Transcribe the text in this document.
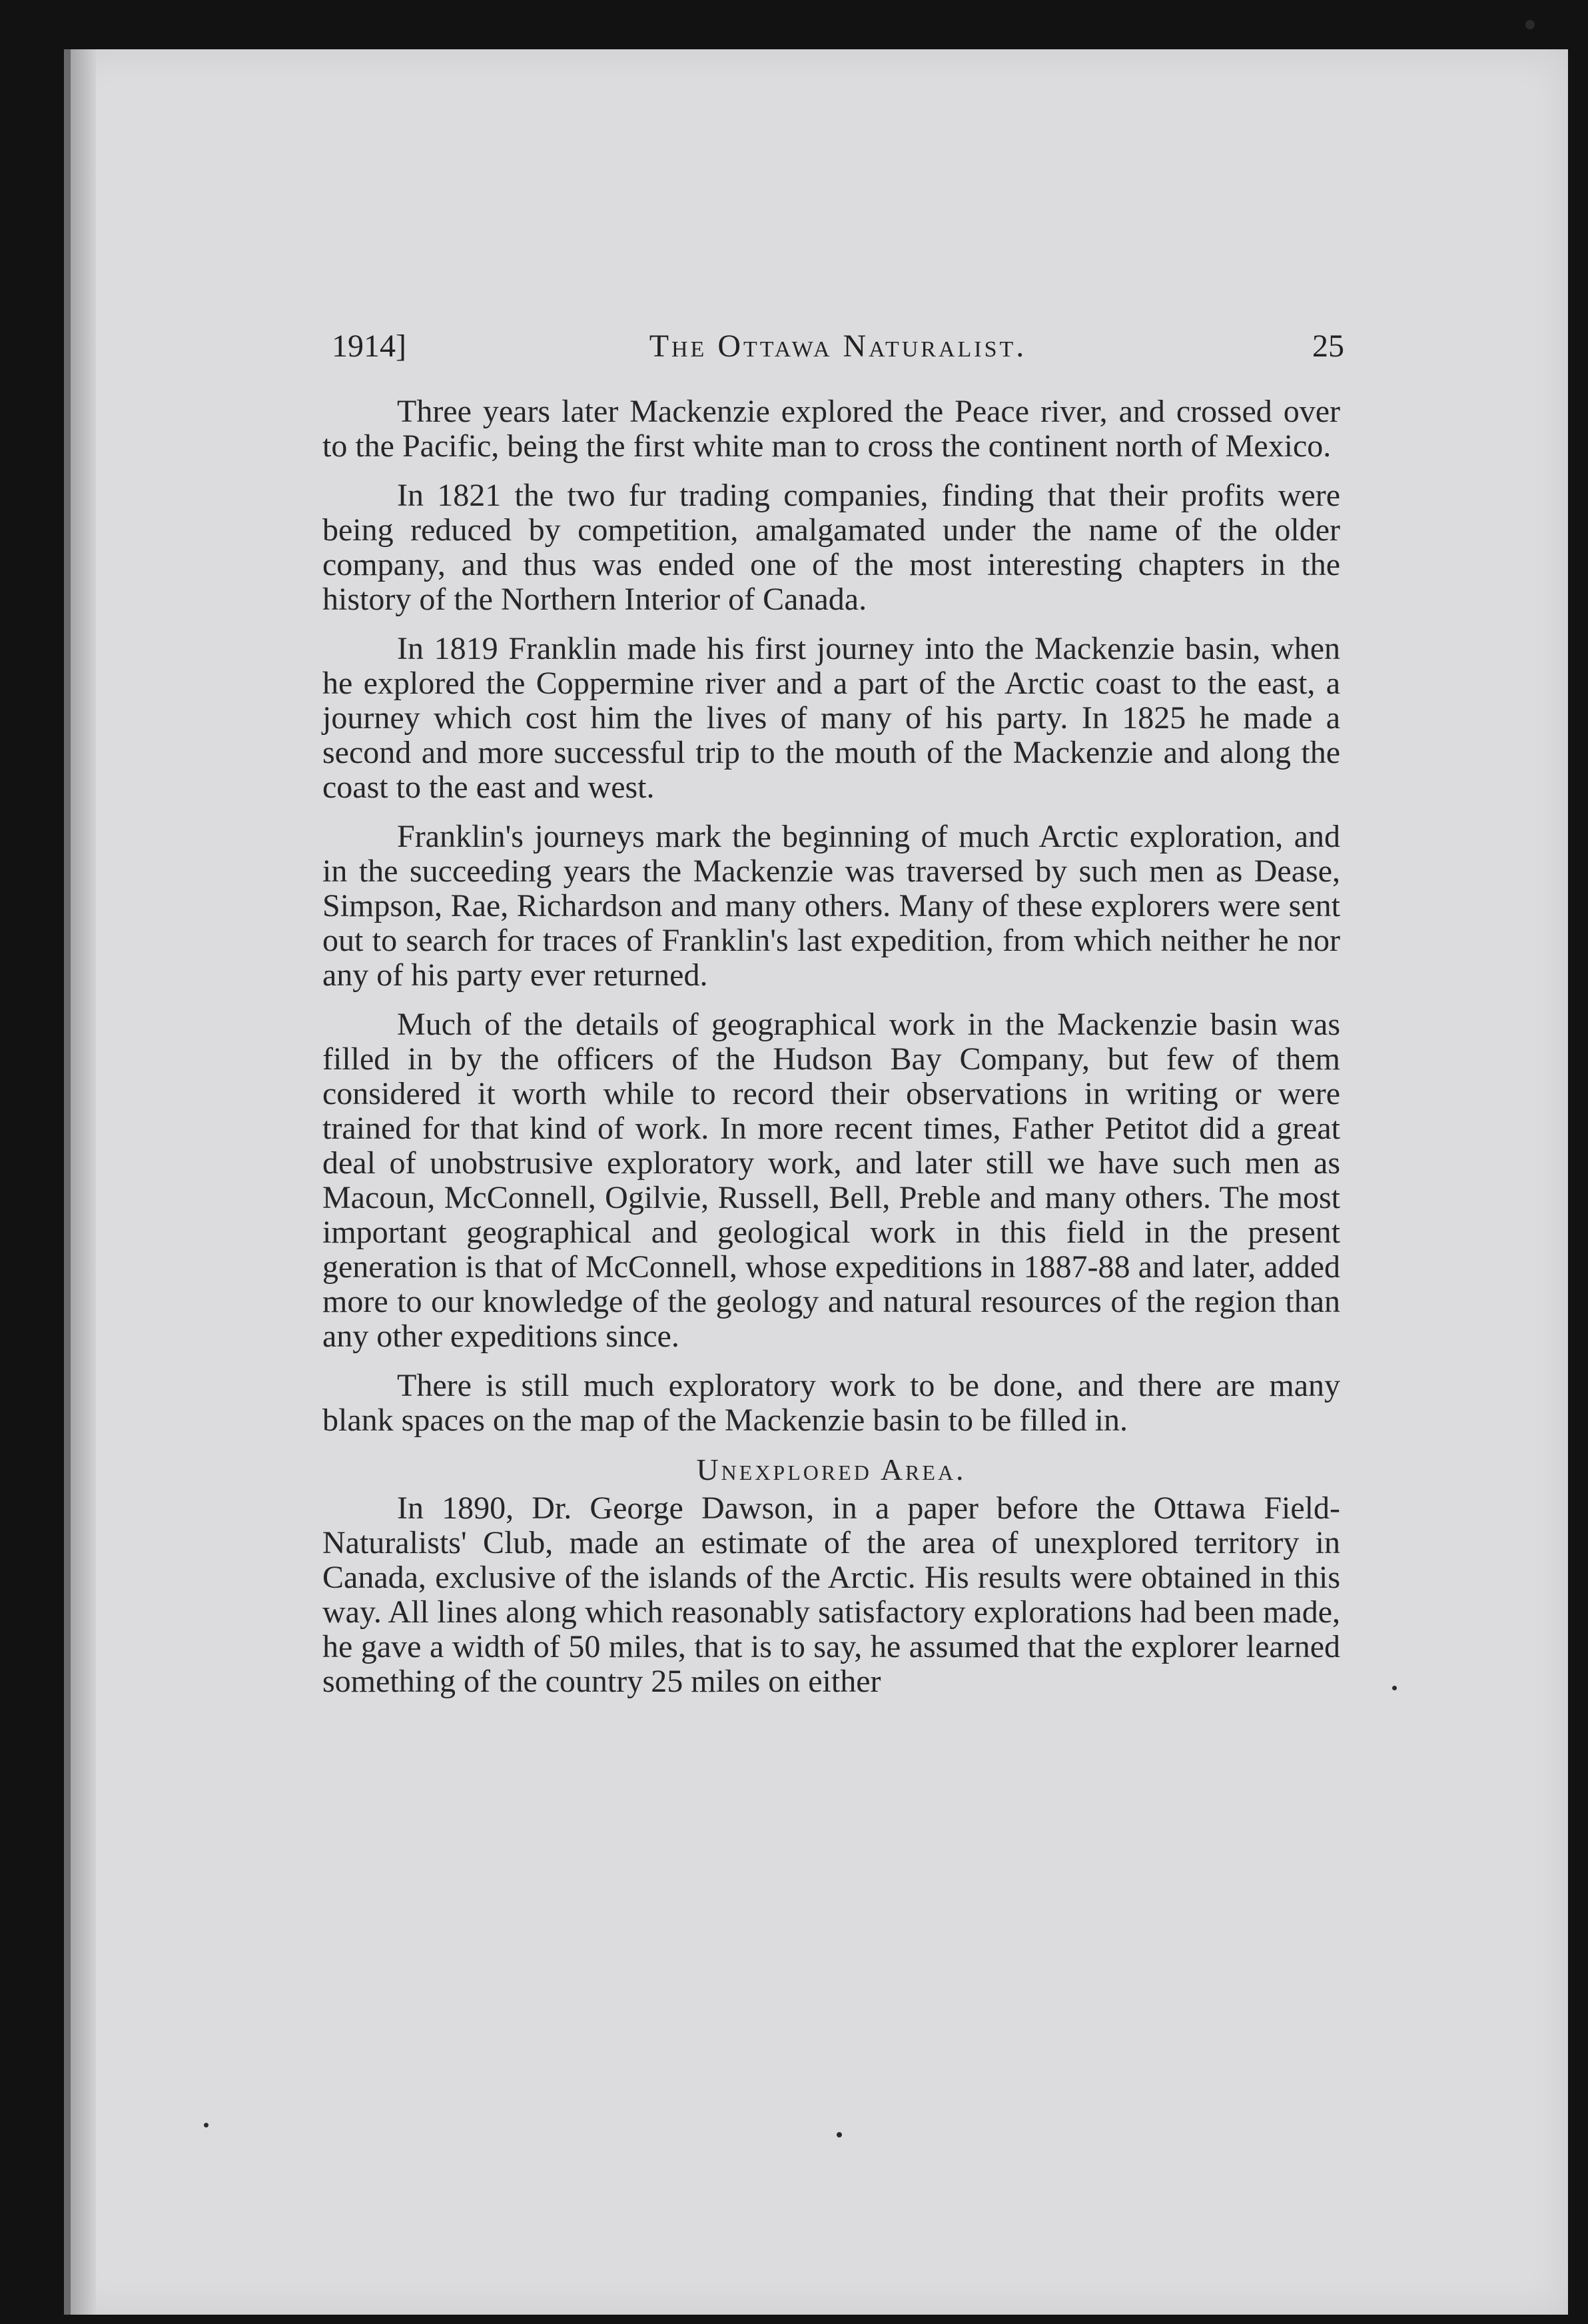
1914]	The Ottawa Naturalist.	25

Three years later Mackenzie explored the Peace river, and crossed over to the Pacific, being the first white man to cross the continent north of Mexico.

In 1821 the two fur trading companies, finding that their profits were being reduced by competition, amalgamated under the name of the older company, and thus was ended one of the most interesting chapters in the history of the Northern Interior of Canada.

In 1819 Franklin made his first journey into the Mackenzie basin, when he explored the Coppermine river and a part of the Arctic coast to the east, a journey which cost him the lives of many of his party. In 1825 he made a second and more successful trip to the mouth of the Mackenzie and along the coast to the east and west.

Franklin's journeys mark the beginning of much Arctic exploration, and in the succeeding years the Mackenzie was traversed by such men as Dease, Simpson, Rae, Richardson and many others. Many of these explorers were sent out to search for traces of Franklin's last expedition, from which neither he nor any of his party ever returned.

Much of the details of geographical work in the Mackenzie basin was filled in by the officers of the Hudson Bay Company, but few of them considered it worth while to record their observations in writing or were trained for that kind of work. In more recent times, Father Petitot did a great deal of unobstrusive exploratory work, and later still we have such men as Macoun, McConnell, Ogilvie, Russell, Bell, Preble and many others. The most important geographical and geological work in this field in the present generation is that of McConnell, whose expeditions in 1887-88 and later, added more to our knowledge of the geology and natural resources of the region than any other expeditions since.

There is still much exploratory work to be done, and there are many blank spaces on the map of the Mackenzie basin to be filled in.

Unexplored Area.

In 1890, Dr. George Dawson, in a paper before the Ottawa Field-Naturalists' Club, made an estimate of the area of unexplored territory in Canada, exclusive of the islands of the Arctic. His results were obtained in this way. All lines along which reasonably satisfactory explorations had been made, he gave a width of 50 miles, that is to say, he assumed that the explorer learned something of the country 25 miles on either
